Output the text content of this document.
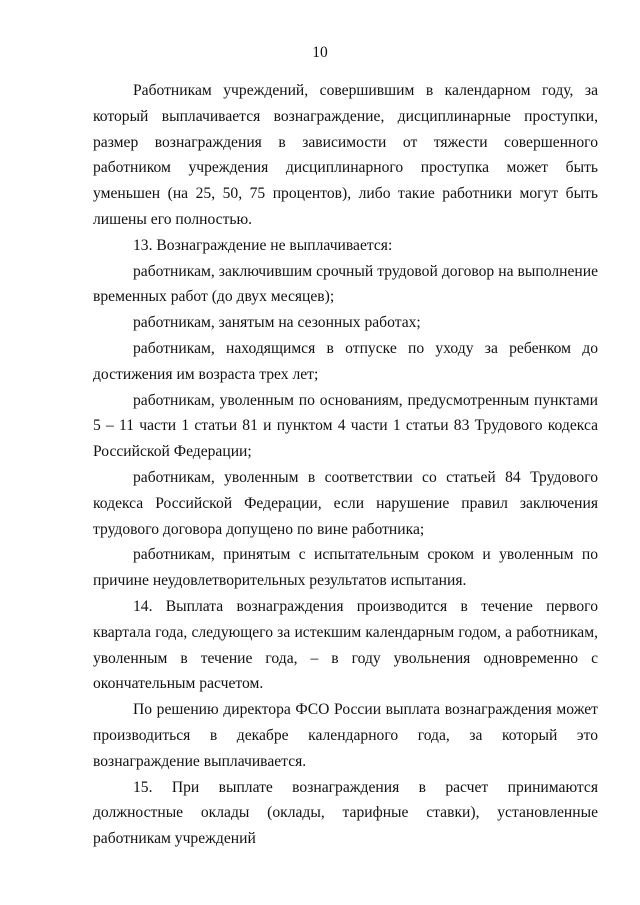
10

Работникам учреждений, совершившим в календарном году, за который выплачивается вознаграждение, дисциплинарные проступки, размер вознаграждения в зависимости от тяжести совершенного работником учреждения дисциплинарного проступка может быть уменьшен (на 25, 50, 75 процентов), либо такие работники могут быть лишены его полностью.

13. Вознаграждение не выплачивается:

работникам, заключившим срочный трудовой договор на выполнение временных работ (до двух месяцев);

работникам, занятым на сезонных работах;

работникам, находящимся в отпуске по уходу за ребенком до достижения им возраста трех лет;

работникам, уволенным по основаниям, предусмотренным пунктами 5 – 11 части 1 статьи 81 и пунктом 4 части 1 статьи 83 Трудового кодекса Российской Федерации;

работникам, уволенным в соответствии со статьей 84 Трудового кодекса Российской Федерации, если нарушение правил заключения трудового договора допущено по вине работника;

работникам, принятым с испытательным сроком и уволенным по причине неудовлетворительных результатов испытания.

14. Выплата вознаграждения производится в течение первого квартала года, следующего за истекшим календарным годом, а работникам, уволенным в течение года, – в году увольнения одновременно с окончательным расчетом.

По решению директора ФСО России выплата вознаграждения может производиться в декабре календарного года, за который это вознаграждение выплачивается.

15. При выплате вознаграждения в расчет принимаются должностные оклады (оклады, тарифные ставки), установленные работникам учреждений
